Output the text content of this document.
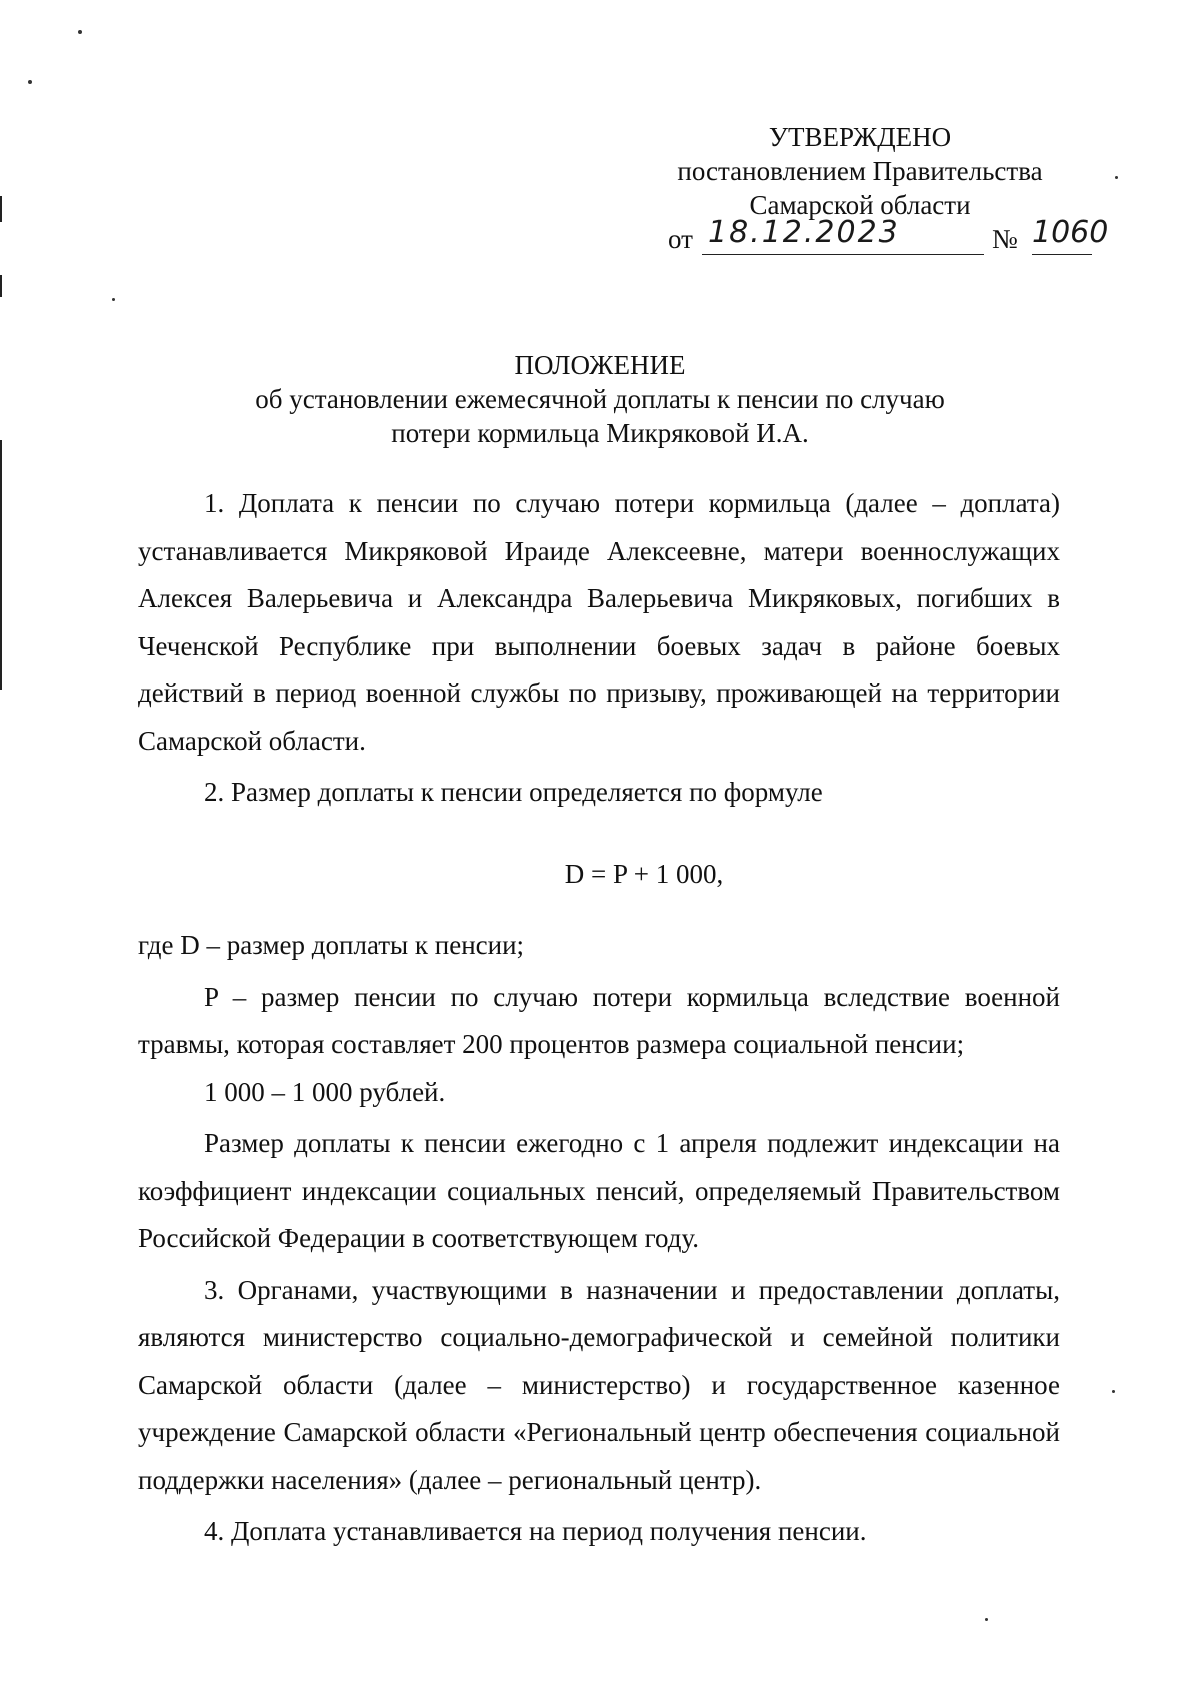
УТВЕРЖДЕНО
постановлением Правительства
Самарской области
от 18.12.2023	№ 1060
ПОЛОЖЕНИЕ
об установлении ежемесячной доплаты к пенсии по случаю
потери кормильца Микряковой И.А.

1. Доплата к пенсии по случаю потери кормильца (далее – доплата) устанавливается Микряковой Ираиде Алексеевне, матери военнослужащих Алексея Валерьевича и Александра Валерьевича Микряковых, погибших в Чеченской Республике при выполнении боевых задач в районе боевых действий в период военной службы по призыву, проживающей на территории Самарской области.

2. Размер доплаты к пенсии определяется по формуле

D = P + 1 000,

где D – размер доплаты к пенсии;

P – размер пенсии по случаю потери кормильца вследствие военной травмы, которая составляет 200 процентов размера социальной пенсии;

1 000 – 1 000 рублей.

Размер доплаты к пенсии ежегодно с 1 апреля подлежит индексации на коэффициент индексации социальных пенсий, определяемый Правительством Российской Федерации в соответствующем году.

3. Органами, участвующими в назначении и предоставлении доплаты, являются министерство социально-демографической и семейной политики Самарской области (далее – министерство) и государственное казенное учреждение Самарской области «Региональный центр обеспечения социальной поддержки населения» (далее – региональный центр).

4. Доплата устанавливается на период получения пенсии.
